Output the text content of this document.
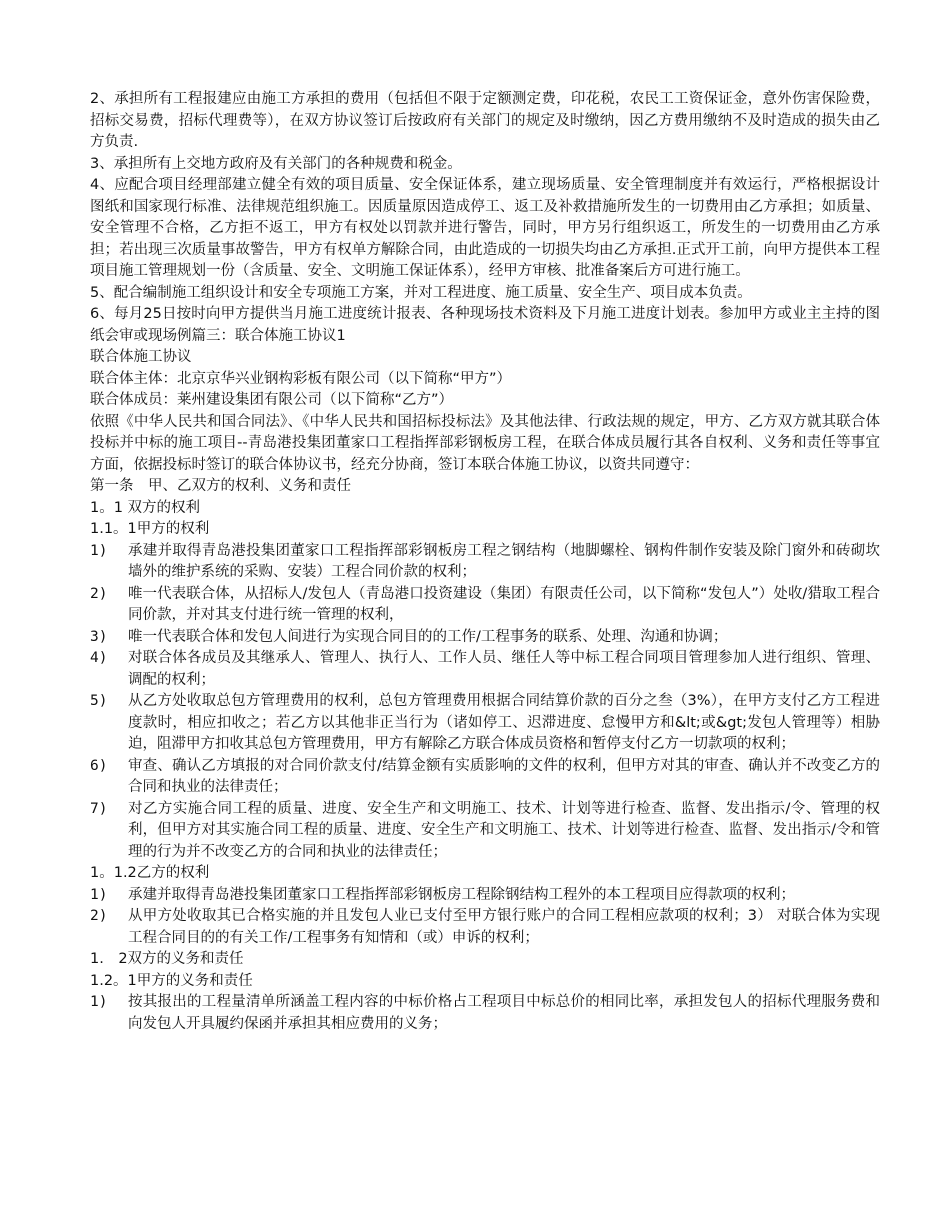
2、承担所有工程报建应由施工方承担的费用（包括但不限于定额测定费，印花税，农民工工资保证金，意外伤害保险费，招标交易费，招标代理费等），在双方协议签订后按政府有关部门的规定及时缴纳，因乙方费用缴纳不及时造成的损失由乙方负责.

3、承担所有上交地方政府及有关部门的各种规费和税金。

4、应配合项目经理部建立健全有效的项目质量、安全保证体系，建立现场质量、安全管理制度并有效运行，严格根据设计图纸和国家现行标准、法律规范组织施工。因质量原因造成停工、返工及补救措施所发生的一切费用由乙方承担；如质量、安全管理不合格，乙方拒不返工，甲方有权处以罚款并进行警告，同时，甲方另行组织返工，所发生的一切费用由乙方承担；若出现三次质量事故警告，甲方有权单方解除合同，由此造成的一切损失均由乙方承担.正式开工前，向甲方提供本工程项目施工管理规划一份（含质量、安全、文明施工保证体系），经甲方审核、批准备案后方可进行施工。

5、配合编制施工组织设计和安全专项施工方案，并对工程进度、施工质量、安全生产、项目成本负责。

6、每月25日按时向甲方提供当月施工进度统计报表、各种现场技术资料及下月施工进度计划表。参加甲方或业主主持的图纸会审或现场例篇三：联合体施工协议1

联合体施工协议

联合体主体：北京京华兴业钢构彩板有限公司（以下简称“甲方”）

联合体成员：莱州建设集团有限公司（以下简称“乙方”）

依照《中华人民共和国合同法》、《中华人民共和国招标投标法》及其他法律、行政法规的规定，甲方、乙方双方就其联合体投标并中标的施工项目--青岛港投集团董家口工程指挥部彩钢板房工程，在联合体成员履行其各自权利、义务和责任等事宜方面，依据投标时签订的联合体协议书，经充分协商，签订本联合体施工协议，以资共同遵守：

第一条　甲、乙双方的权利、义务和责任

1。1 双方的权利

1.1。1甲方的权利

1)	承建并取得青岛港投集团董家口工程指挥部彩钢板房工程之钢结构（地脚螺栓、钢构件制作安装及除门窗外和砖砌坎墙外的维护系统的采购、安装）工程合同价款的权利；
2)	唯一代表联合体，从招标人/发包人（青岛港口投资建设（集团）有限责任公司，以下简称“发包人”）处收/猎取工程合同价款，并对其支付进行统一管理的权利，
3)	唯一代表联合体和发包人间进行为实现合同目的的工作/工程事务的联系、处理、沟通和协调；
4)	对联合体各成员及其继承人、管理人、执行人、工作人员、继任人等中标工程合同项目管理参加人进行组织、管理、调配的权利；
5)	从乙方处收取总包方管理费用的权利，总包方管理费用根据合同结算价款的百分之叁（3%），在甲方支付乙方工程进度款时，相应扣收之；若乙方以其他非正当行为（诸如停工、迟滞进度、怠慢甲方和&lt;或&gt;发包人管理等）相胁迫，阻滞甲方扣收其总包方管理费用，甲方有解除乙方联合体成员资格和暂停支付乙方一切款项的权利；
6)	审查、确认乙方填报的对合同价款支付/结算金额有实质影响的文件的权利，但甲方对其的审查、确认并不改变乙方的合同和执业的法律责任；
7)	对乙方实施合同工程的质量、进度、安全生产和文明施工、技术、计划等进行检查、监督、发出指示/令、管理的权利，但甲方对其实施合同工程的质量、进度、安全生产和文明施工、技术、计划等进行检查、监督、发出指示/令和管理的行为并不改变乙方的合同和执业的法律责任；

1。1.2乙方的权利

1)	承建并取得青岛港投集团董家口工程指挥部彩钢板房工程除钢结构工程外的本工程项目应得款项的权利；
2)	从甲方处收取其已合格实施的并且发包人业已支付至甲方银行账户的合同工程相应款项的权利；3） 对联合体为实现工程合同目的的有关工作/工程事务有知情和（或）申诉的权利；

1.　2双方的义务和责任

1.2。1甲方的义务和责任

1)	按其报出的工程量清单所涵盖工程内容的中标价格占工程项目中标总价的相同比率，承担发包人的招标代理服务费和向发包人开具履约保函并承担其相应费用的义务；
